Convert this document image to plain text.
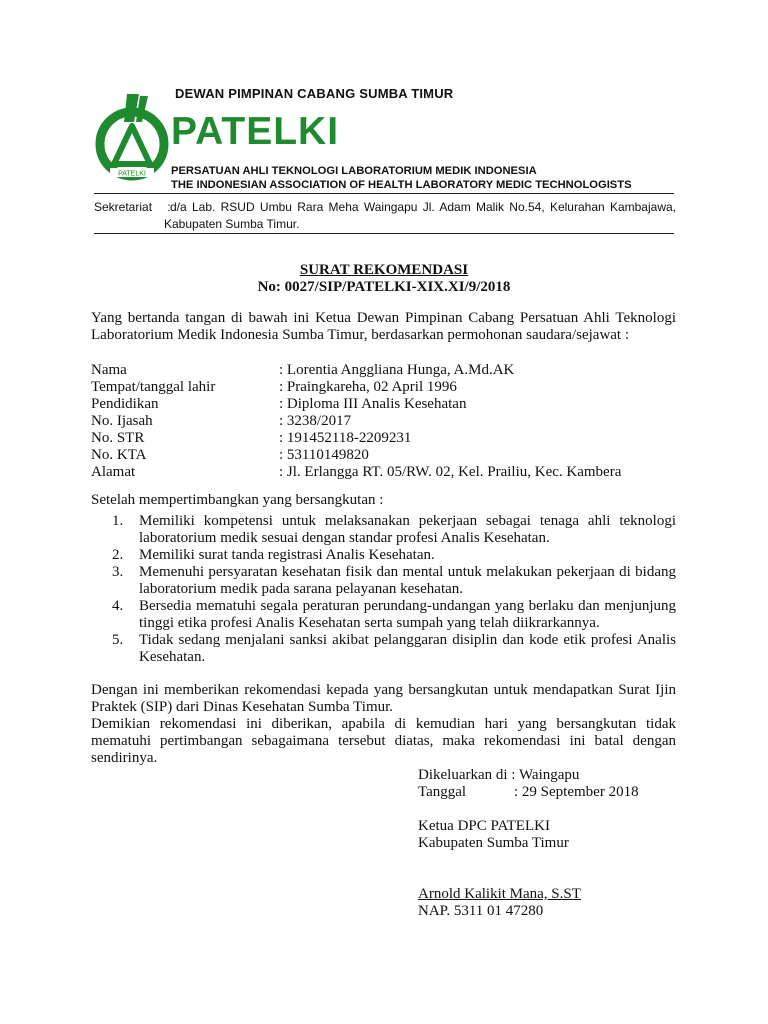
PATELKI
DEWAN PIMPINAN CABANG SUMBA TIMUR
PATELKI
PERSATUAN AHLI TEKNOLOGI LABORATORIUM MEDIK INDONESIA
THE INDONESIAN ASSOCIATION OF HEALTH LABORATORY MEDIC TECHNOLOGISTS
Sekretariat : d/a Lab. RSUD Umbu Rara Meha Waingapu Jl. Adam Malik No.54, Kelurahan Kambajawa,
Kabupaten Sumba Timur.
SURAT REKOMENDASI
No: 0027/SIP/PATELKI-XIX.XI/9/2018
Yang bertanda tangan di bawah ini Ketua Dewan Pimpinan Cabang Persatuan Ahli Teknologi Laboratorium Medik Indonesia Sumba Timur, berdasarkan permohonan saudara/sejawat :
Nama	: Lorentia Anggliana Hunga, A.Md.AK
Tempat/tanggal lahir	: Praingkareha, 02 April 1996
Pendidikan	: Diploma III Analis Kesehatan
No. Ijasah	: 3238/2017
No. STR	: 191452118-2209231
No. KTA	: 53110149820
Alamat	: Jl. Erlangga RT. 05/RW. 02, Kel. Prailiu, Kec. Kambera
Setelah mempertimbangkan yang bersangkutan :
1. Memiliki kompetensi untuk melaksanakan pekerjaan sebagai tenaga ahli teknologi laboratorium medik sesuai dengan standar profesi Analis Kesehatan.
2. Memiliki surat tanda registrasi Analis Kesehatan.
3. Memenuhi persyaratan kesehatan fisik dan mental untuk melakukan pekerjaan di bidang laboratorium medik pada sarana pelayanan kesehatan.
4. Bersedia mematuhi segala peraturan perundang-undangan yang berlaku dan menjunjung tinggi etika profesi Analis Kesehatan serta sumpah yang telah diikrarkannya.
5. Tidak sedang menjalani sanksi akibat pelanggaran disiplin dan kode etik profesi Analis Kesehatan.
Dengan ini memberikan rekomendasi kepada yang bersangkutan untuk mendapatkan Surat Ijin Praktek (SIP) dari Dinas Kesehatan Sumba Timur.
Demikian rekomendasi ini diberikan, apabila di kemudian hari yang bersangkutan tidak mematuhi pertimbangan sebagaimana tersebut diatas, maka rekomendasi ini batal dengan sendirinya.
Dikeluarkan di : Waingapu
Tanggal	: 29 September 2018
Ketua DPC PATELKI
Kabupaten Sumba Timur
Arnold Kalikit Mana, S.ST
NAP. 5311 01 47280
